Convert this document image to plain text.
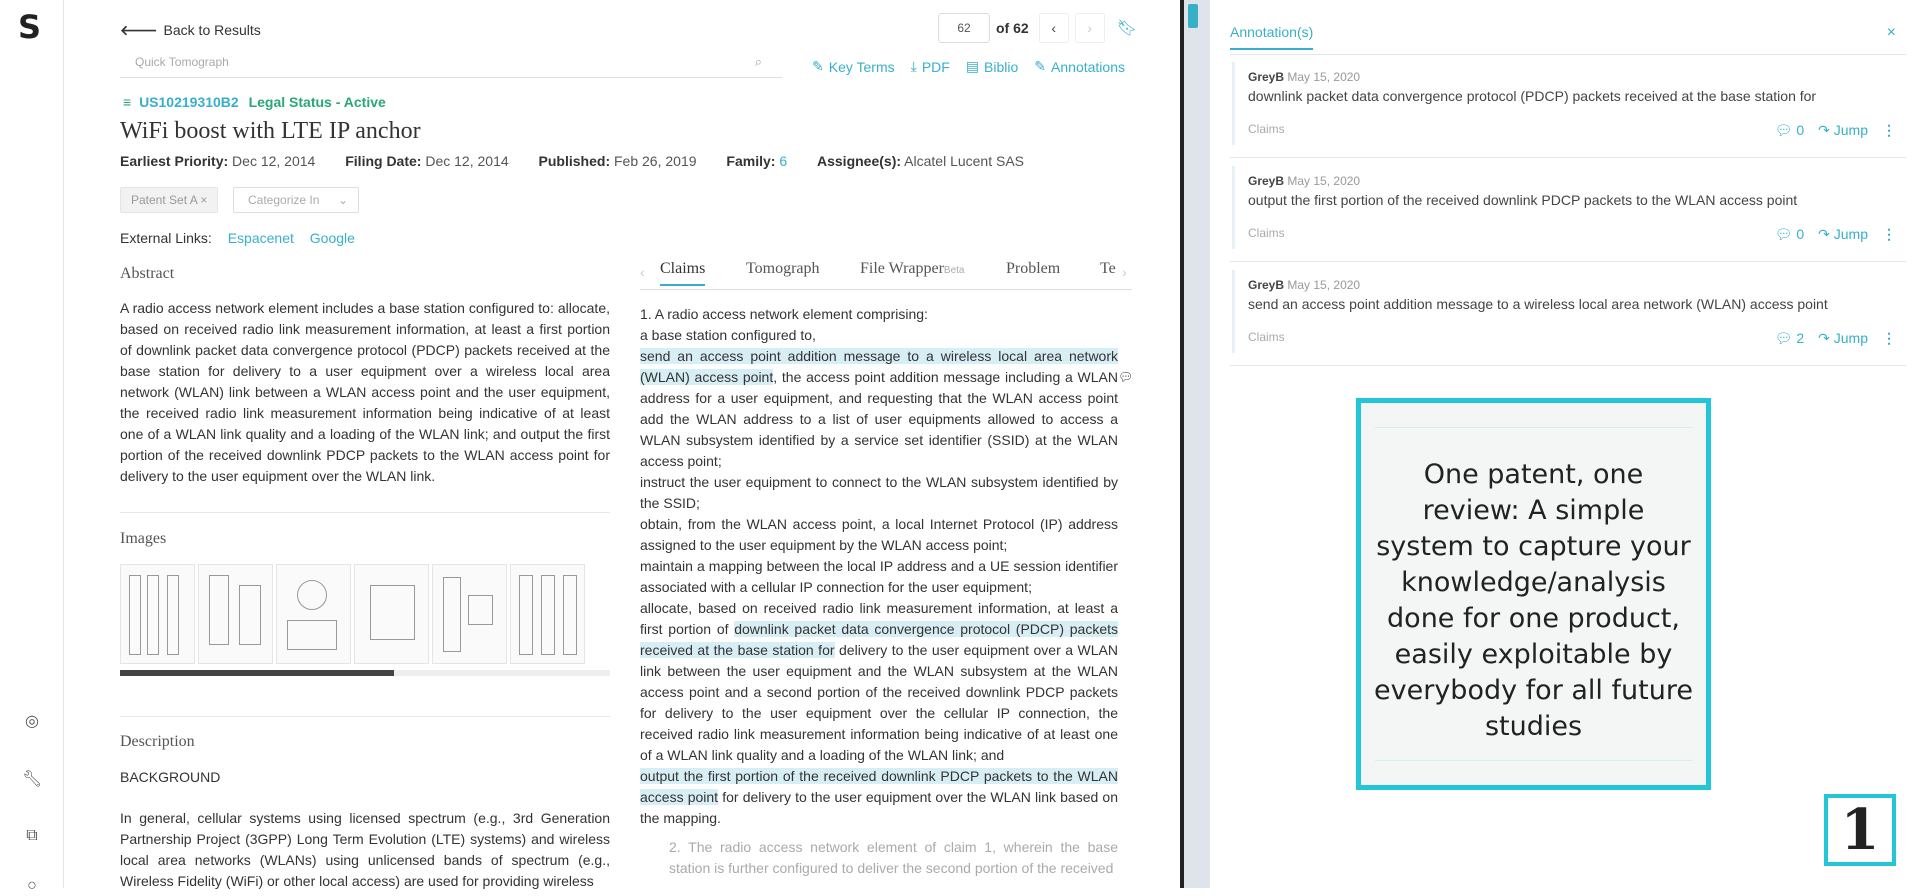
S
◎
🔧︎
⧉
○
🡐 Back to Results
Quick Tomograph	⌕
62	of 62	‹	›	🔖︎
✎ Key Terms ⤓ PDF ▤ Biblio ✎ Annotations
≡ US10219310B2 Legal Status - Active
WiFi boost with LTE IP anchor
Earliest Priority: Dec 12, 2014 Filing Date: Dec 12, 2014 Published: Feb 26, 2019 Family: 6 Assignee(s): Alcatel Lucent SAS
Patent Set A ×	Categorize In ⌄
External Links: Espacenet Google
Abstract
A radio access network element includes a base station configured to: allocate, based on received radio link measurement information, at least a first portion of downlink packet data convergence protocol (PDCP) packets received at the base station for delivery to a user equipment over a wireless local area network (WLAN) link between a WLAN access point and the user equipment, the received radio link measurement information being indicative of at least one of a WLAN link quality and a loading of the WLAN link; and output the first portion of the received downlink PDCP packets to the WLAN access point for delivery to the user equipment over the WLAN link.
Images
Description
BACKGROUND
In general, cellular systems using licensed spectrum (e.g., 3rd Generation Partnership Project (3GPP) Long Term Evolution (LTE) systems) and wireless local area networks (WLANs) using unlicensed bands of spectrum (e.g., Wireless Fidelity (WiFi) or other local access) are used for providing wireless
‹ Claims	Tomograph	File WrapperBeta	Problem Te ›

1. A radio access network element comprising:

a base station configured to,

send an access point addition message to a wireless local area network (WLAN) access point, the access point addition message including a WLAN address for a user equipment, and requesting that the WLAN access point add the WLAN address to a list of user equipments allowed to access a WLAN subsystem identified by a service set identifier (SSID) at the WLAN access point;

instruct the user equipment to connect to the WLAN subsystem identified by the SSID;

obtain, from the WLAN access point, a local Internet Protocol (IP) address assigned to the user equipment by the WLAN access point;

maintain a mapping between the local IP address and a UE session identifier associated with a cellular IP connection for the user equipment;

allocate, based on received radio link measurement information, at least a first portion of downlink packet data convergence protocol (PDCP) packets received at the base station for delivery to the user equipment over a WLAN link between the user equipment and the WLAN subsystem at the WLAN access point and a second portion of the received downlink PDCP packets for delivery to the user equipment over the cellular IP connection, the received radio link measurement information being indicative of at least one of a WLAN link quality and a loading of the WLAN link; and

output the first portion of the received downlink PDCP packets to the WLAN access point for delivery to the user equipment over the WLAN link based on the mapping.

2. The radio access network element of claim 1, wherein the base station is further configured to deliver the second portion of the received

💬︎
Annotation(s)	×
GreyB May 15, 2020
downlink packet data convergence protocol (PDCP) packets received at the base station for
Claims	💬︎ 0 ↷ Jump ⋮
GreyB May 15, 2020
output the first portion of the received downlink PDCP packets to the WLAN access point
Claims	💬︎ 0 ↷ Jump ⋮
GreyB May 15, 2020
send an access point addition message to a wireless local area network (WLAN) access point
Claims	💬︎ 2 ↷ Jump ⋮
One patent, one review: A simple system to capture your knowledge/analysis done for one product, easily exploitable by everybody for all future studies
1
